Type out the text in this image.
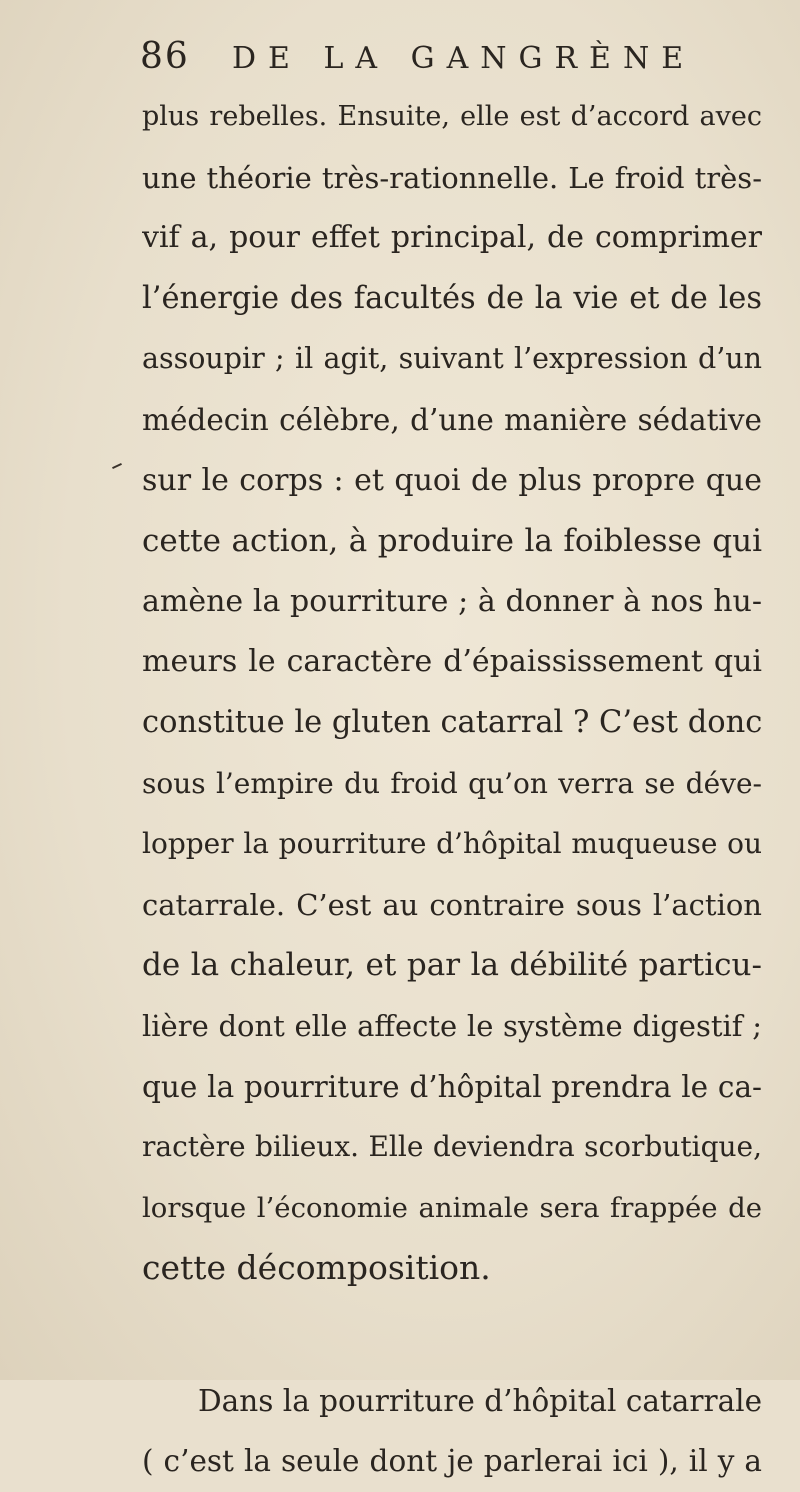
86	DE LA GANGRÈNE
plus rebelles. Ensuite, elle est d’accord avec
une théorie très-rationnelle. Le froid très-
vif a, pour effet principal, de comprimer
l’énergie des facultés de la vie et de les
assoupir ; il agit, suivant l’expression d’un
médecin célèbre, d’une manière sédative
sur le corps : et quoi de plus propre que
cette action, à produire la foiblesse qui
amène la pourriture ; à donner à nos hu-
meurs le caractère d’épaississement qui
constitue le gluten catarral ? C’est donc
sous l’empire du froid qu’on verra se déve-
lopper la pourriture d’hôpital muqueuse ou
catarrale. C’est au contraire sous l’action
de la chaleur, et par la débilité particu-
lière dont elle affecte le système digestif ;
que la pourriture d’hôpital prendra le ca-
ractère bilieux. Elle deviendra scorbutique,
lorsque l’économie animale sera frappée de
cette décomposition.
Dans la pourriture d’hôpital catarrale
( c’est la seule dont je parlerai ici ), il y a
